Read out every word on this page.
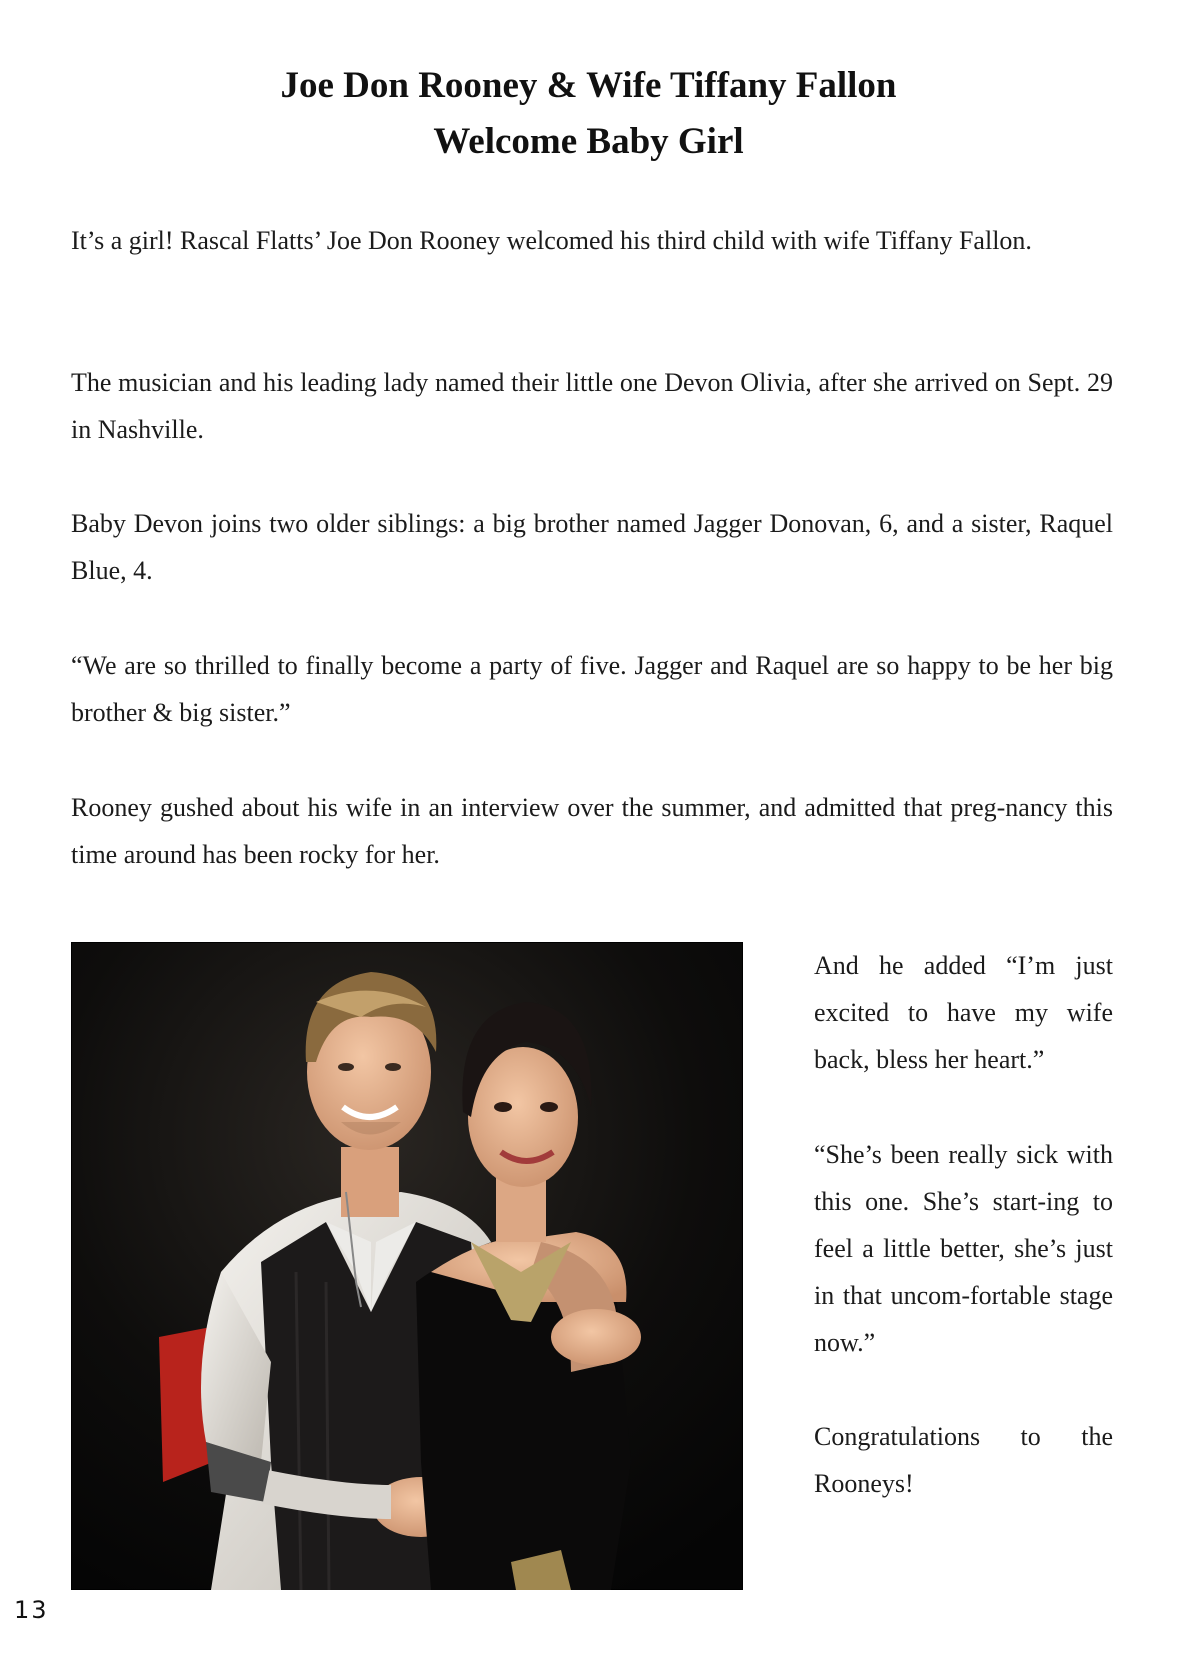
Joe Don Rooney & Wife Tiffany Fallon
Welcome Baby Girl

It’s a girl! Rascal Flatts’ Joe Don Rooney welcomed his third child with wife Tiffany Fallon.

The musician and his leading lady named their little one Devon Olivia, after she arrived on Sept. 29 in Nashville.

Baby Devon joins two older siblings: a big brother named Jagger Donovan, 6, and a sister, Raquel Blue, 4.

“We are so thrilled to finally become a party of five. Jagger and Raquel are so happy to be her big brother & big sister.”

Rooney gushed about his wife in an interview over the summer, and admitted that preg-nancy this time around has been rocky for her.

And he added “I’m just excited to have my wife back, bless her heart.”

“She’s been really sick with this one. She’s start-ing to feel a little better, she’s just in that uncom-fortable stage now.”

Congratulations to the Rooneys!

13
